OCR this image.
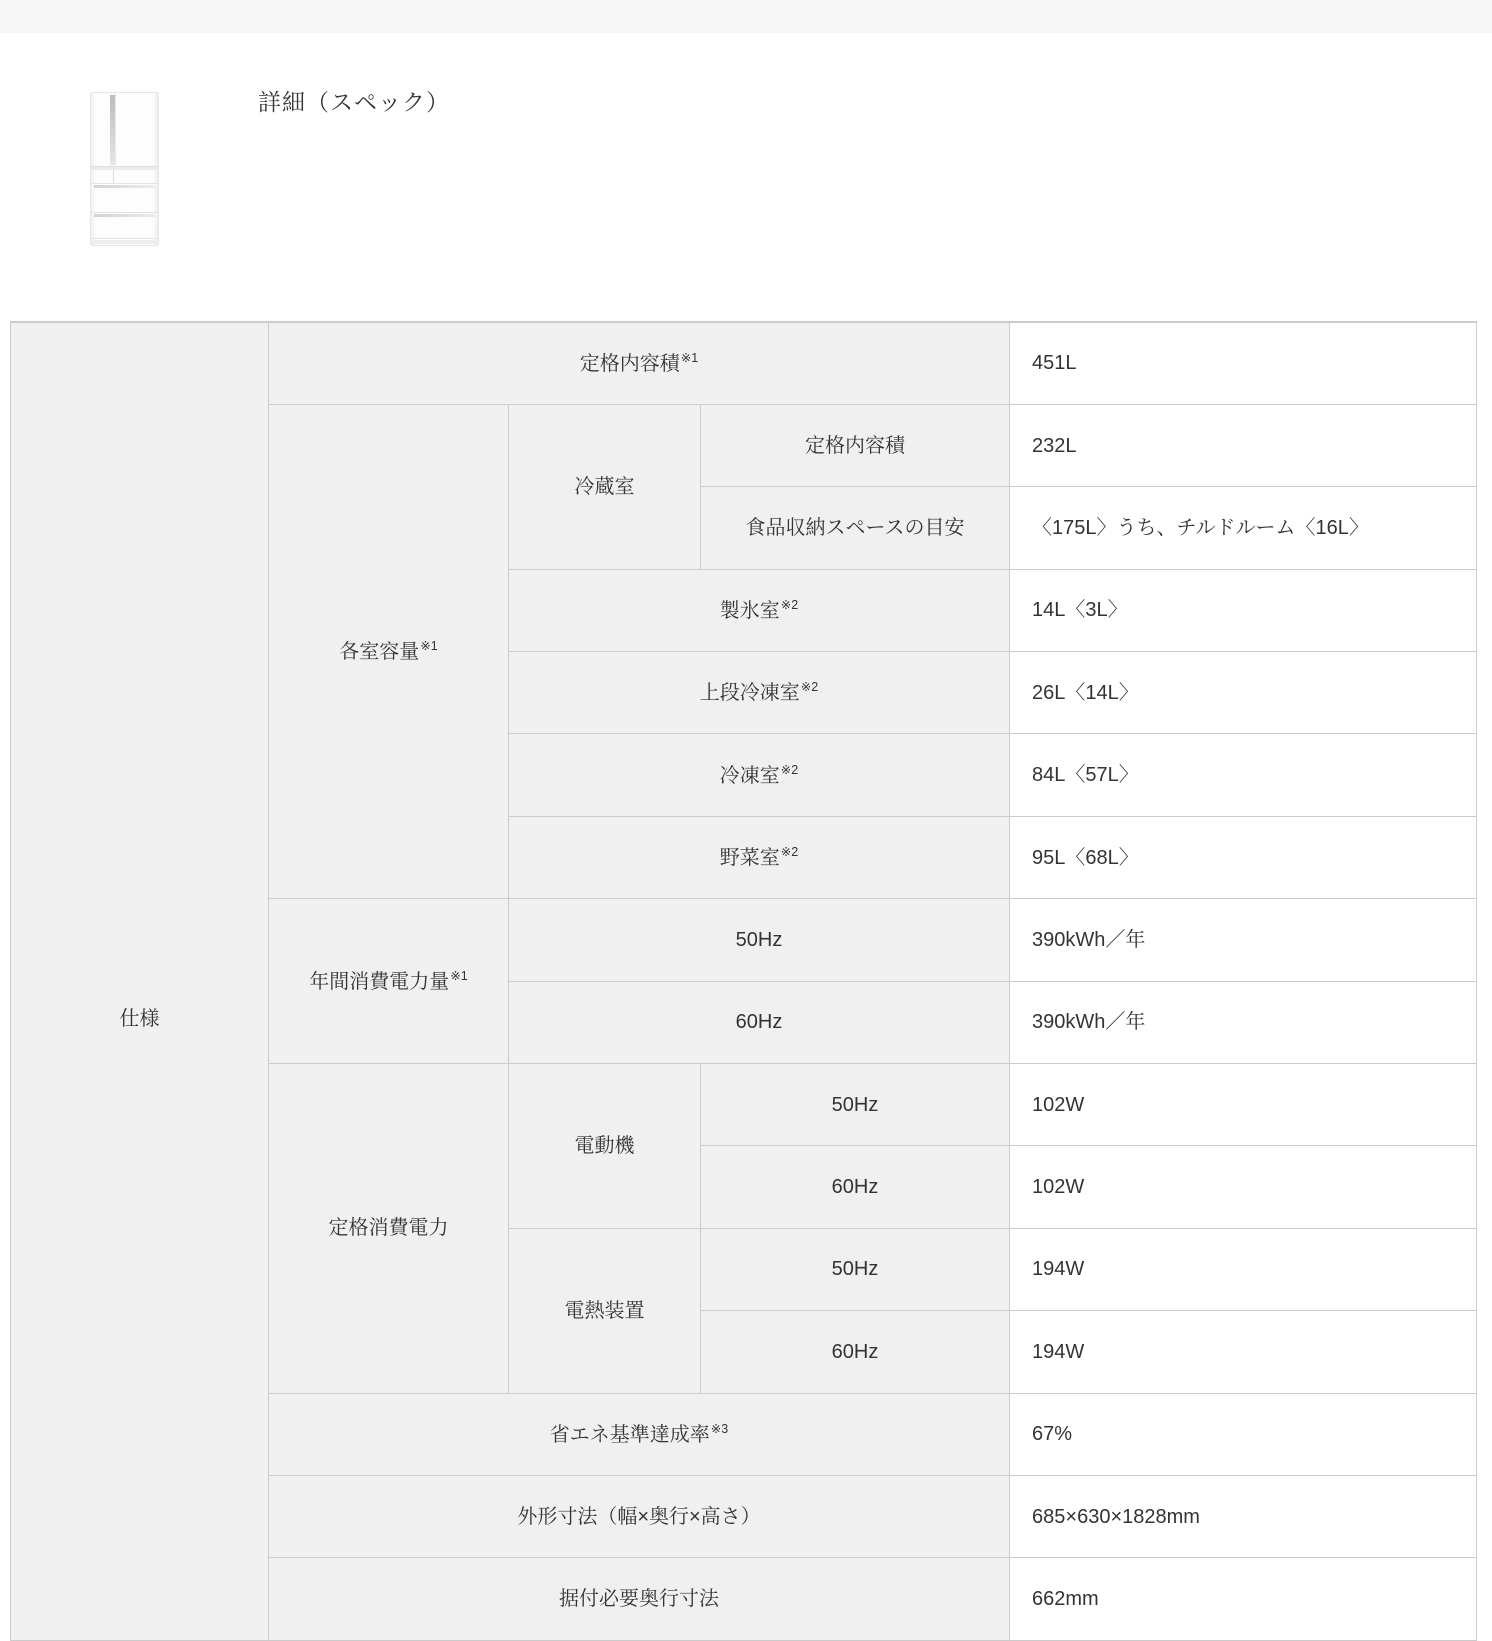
詳細（スペック）
仕様	定格内容積$^{※1}$			451L
	各室容量$^{※1}$	冷蔵室	定格内容積	232L
			食品収納スペースの目安	〈175L〉うち、チルドルーム〈16L〉
		製氷室$^{※2}$		14L〈3L〉
		上段冷凍室$^{※2}$		26L〈14L〉
		冷凍室$^{※2}$		84L〈57L〉
		野菜室$^{※2}$		95L〈68L〉
	年間消費電力量$^{※1}$	50Hz		390kWh／年
		60Hz		390kWh／年
	定格消費電力	電動機	50Hz	102W
			60Hz	102W
		電熱装置	50Hz	194W
			60Hz	194W
	省エネ基準達成率$^{※3}$			67%
	外形寸法（幅×奥行×高さ）			685×630×1828mm
	据付必要奥行寸法			662mm
